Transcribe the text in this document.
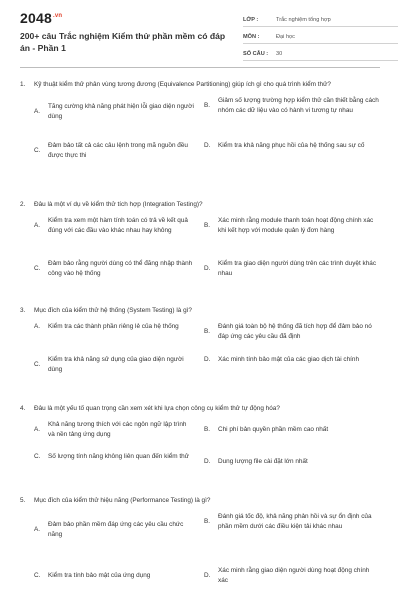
$2048^{.vn}$
200+ câu Trắc nghiệm Kiểm thử phần mềm có đáp án - Phần 1
LỚP :	Trắc nghiệm tổng hợp
MÔN :	Đại học
SỐ CÂU :	30
1.	Kỹ thuật kiểm thử phân vùng tương đương (Equivalence Partitioning) giúp ích gì cho quá trình kiểm thử?
A.
Tăng cường khả năng phát hiện lỗi giao diện người dùng
B.
Giảm số lượng trường hợp kiểm thử cần thiết bằng cách nhóm các dữ liệu vào có hành vi tương tự nhau
C.
Đảm bảo tất cả các câu lệnh trong mã nguồn đều được thực thi
D.	Kiểm tra khả năng phục hồi của hệ thống sau sự cố
2.	Đâu là một ví dụ về kiểm thử tích hợp (Integration Testing)?
A.
Kiểm tra xem một hàm tính toán có trả về kết quả đúng với các đầu vào khác nhau hay không
B.
Xác minh rằng module thanh toán hoạt động chính xác khi kết hợp với module quản lý đơn hàng
C.
Đảm bảo rằng người dùng có thể đăng nhập thành công vào hệ thống
D.
Kiểm tra giao diện người dùng trên các trình duyệt khác nhau
3.	Mục đích của kiểm thử hệ thống (System Testing) là gì?
A.	Kiểm tra các thành phần riêng lẻ của hệ thống
B.
Đánh giá toàn bộ hệ thống đã tích hợp để đảm bảo nó đáp ứng các yêu cầu đã định
C.
Kiểm tra khả năng sử dụng của giao diện người dùng
D.	Xác minh tính bảo mật của các giao dịch tài chính
4.	Đâu là một yếu tố quan trọng cần xem xét khi lựa chọn công cụ kiểm thử tự động hóa?
A.
Khả năng tương thích với các ngôn ngữ lập trình và nền tảng ứng dụng
B.	Chi phí bản quyền phần mềm cao nhất
C.	Số lượng tính năng không liên quan đến kiểm thử
D.	Dung lượng file cài đặt lớn nhất
5.	Mục đích của kiểm thử hiệu năng (Performance Testing) là gì?
A.
Đảm bảo phần mềm đáp ứng các yêu cầu chức năng
B.
Đánh giá tốc độ, khả năng phản hồi và sự ổn định của phần mềm dưới các điều kiện tải khác nhau
C.	Kiểm tra tính bảo mật của ứng dụng	D.
Xác minh rằng giao diện người dùng hoạt động chính xác
